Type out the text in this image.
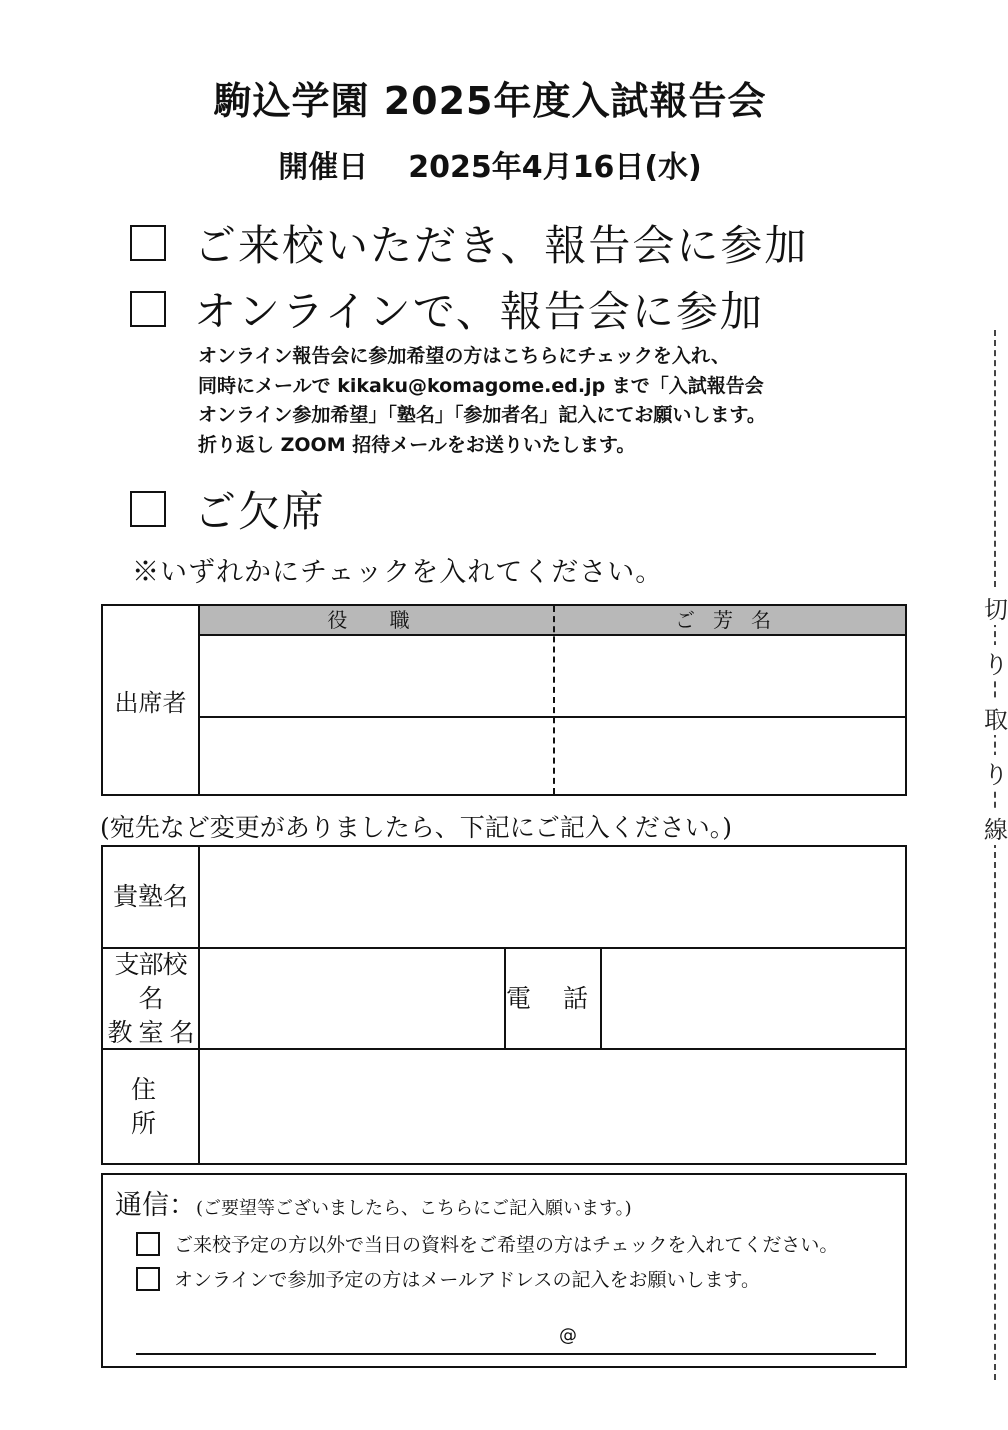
駒込学園 2025年度入試報告会
開催日 2025年4月16日(水)
ご来校いただき、報告会に参加
オンラインで、報告会に参加
オンライン報告会に参加希望の方はこちらにチェックを入れ、
同時にメールで kikaku@komagome.ed.jp まで「入試報告会
オンライン参加希望」「塾名」「参加者名」記入にてお願いします。
折り返し ZOOM 招待メールをお送りいたします。
ご欠席
※いずれかにチェックを入れてください。
出席者
役 職	ご芳名
(宛先など変更がありましたら、下記にご記入ください。)
貴塾名
支部校名
教 室 名
電 話
住 所
通信：(ご要望等ございましたら、こちらにご記入願います。)
ご来校予定の方以外で当日の資料をご希望の方はチェックを入れてください。
オンラインで参加予定の方はメールアドレスの記入をお願いします。
@
切
り
取
り
線
